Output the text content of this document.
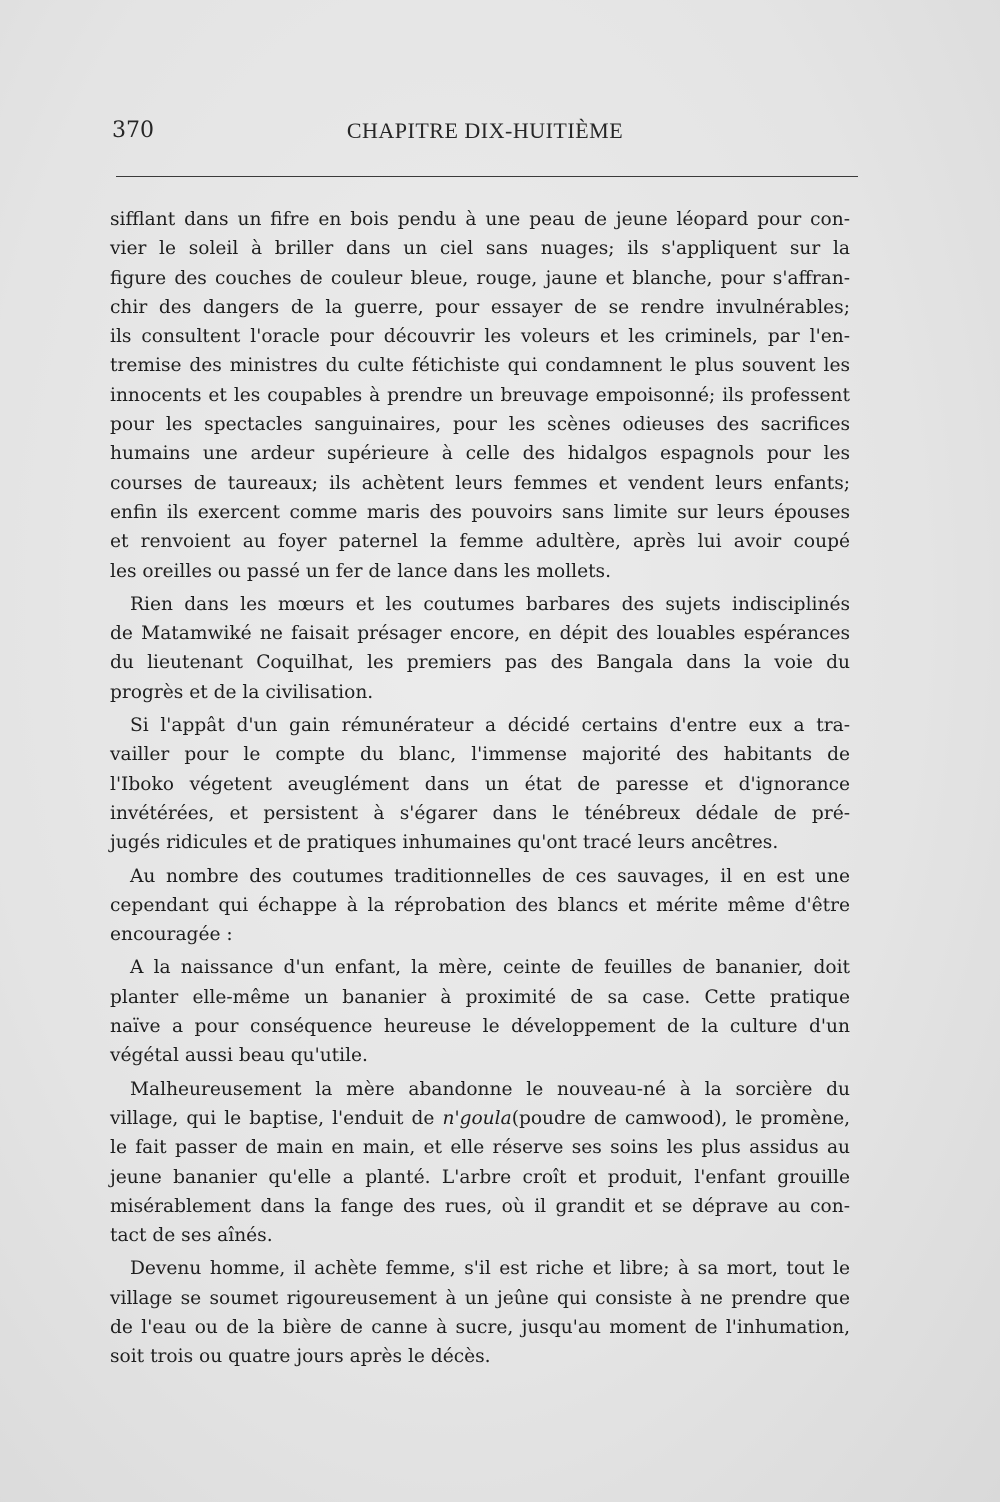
370	CHAPITRE DIX-HUITIÈME
sifflant dans un fifre en bois pendu à une peau de jeune léopard pour con-
vier le soleil à briller dans un ciel sans nuages; ils s'appliquent sur la
figure des couches de couleur bleue, rouge, jaune et blanche, pour s'affran-
chir des dangers de la guerre, pour essayer de se rendre invulnérables;
ils consultent l'oracle pour découvrir les voleurs et les criminels, par l'en-
tremise des ministres du culte fétichiste qui condamnent le plus souvent les
innocents et les coupables à prendre un breuvage empoisonné; ils professent
pour les spectacles sanguinaires, pour les scènes odieuses des sacrifices
humains une ardeur supérieure à celle des hidalgos espagnols pour les
courses de taureaux; ils achètent leurs femmes et vendent leurs enfants;
enfin ils exercent comme maris des pouvoirs sans limite sur leurs épouses
et renvoient au foyer paternel la femme adultère, après lui avoir coupé
les oreilles ou passé un fer de lance dans les mollets.
Rien dans les mœurs et les coutumes barbares des sujets indisciplinés
de Matamwiké ne faisait présager encore, en dépit des louables espérances
du lieutenant Coquilhat, les premiers pas des Bangala dans la voie du
progrès et de la civilisation.
Si l'appât d'un gain rémunérateur a décidé certains d'entre eux a tra-
vailler pour le compte du blanc, l'immense majorité des habitants de
l'Iboko végetent aveuglément dans un état de paresse et d'ignorance
invétérées, et persistent à s'égarer dans le ténébreux dédale de pré-
jugés ridicules et de pratiques inhumaines qu'ont tracé leurs ancêtres.
Au nombre des coutumes traditionnelles de ces sauvages, il en est une
cependant qui échappe à la réprobation des blancs et mérite même d'être
encouragée :
A la naissance d'un enfant, la mère, ceinte de feuilles de bananier, doit
planter elle-même un bananier à proximité de sa case. Cette pratique
naïve a pour conséquence heureuse le développement de la culture d'un
végétal aussi beau qu'utile.
Malheureusement la mère abandonne le nouveau-né à la sorcière du
village, qui le baptise, l'enduit de n'goula(poudre de camwood), le promène,
le fait passer de main en main, et elle réserve ses soins les plus assidus au
jeune bananier qu'elle a planté. L'arbre croît et produit, l'enfant grouille
misérablement dans la fange des rues, où il grandit et se déprave au con-
tact de ses aînés.
Devenu homme, il achète femme, s'il est riche et libre; à sa mort, tout le
village se soumet rigoureusement à un jeûne qui consiste à ne prendre que
de l'eau ou de la bière de canne à sucre, jusqu'au moment de l'inhumation,
soit trois ou quatre jours après le décès.
